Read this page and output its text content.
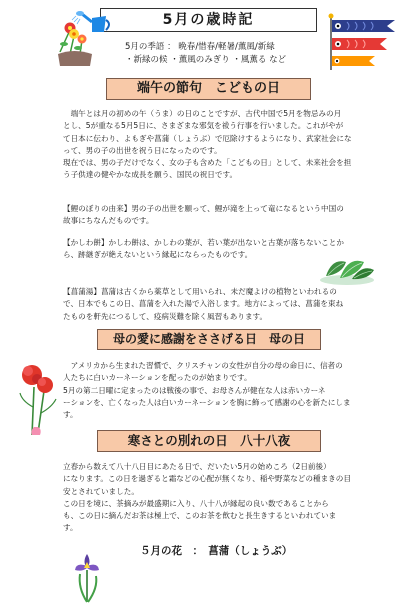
5月の歳時記
5月の季語 ： 晩春/惜春/軽暑/薫風/新緑
・新緑の候 ・薫風のみぎり ・風薫る など
端午の節句　こどもの日
　端午とは月の初めの午（うま）の日のことですが、古代中国で5月を物忌みの月
とし、5が重なる5月5日に、さまざまな邪気を祓う行事を行いました。これがやが
て日本に伝わり、よもぎや菖蒲（しょうぶ）で厄除けするようになり、武家社会にな
って、男の子の出世を祝う日になったのです。
現在では、男の子だけでなく、女の子も含めた「こどもの日」として、未来社会を担
う子供達の健やかな成長を願う、国民の祝日です。
【鯉のぼりの由来】男の子の出世を願って、鯉が滝を上って竜になるという中国の
故事にちなんだものです。
【かしわ餅】かしわ餅は、かしわの葉が、若い葉が出ないと古葉が落ちないことか
ら、跡継ぎが絶えないという縁起にならったものです。
【菖蒲湯】菖蒲は古くから薬草として用いられ、未だ魔よけの植物といわれるの
で、日本でもこの日、菖蒲を入れた湯で入浴します。地方によっては、菖蒲を束ね
たものを軒先につるして、疫病災難を除く風習もあります。
母の愛に感謝をささげる日　母の日
　アメリカから生まれた習慣で、クリスチャンの女性が自分の母の命日に、信者の
人たちに白いカーネーションを配ったのが始まりです。
5月の第二日曜に定まったのは戦後の事で、お母さんが健在な人は赤いカーネ
ーションを、亡くなった人は白いカーネーションを胸に飾って感謝の心を新たにしま
す。
寒さとの別れの日　八十八夜
立春から数えて八十八日目にあたる日で、だいたい5月の始めころ（2日前後）
になります。この日を過ぎると霜などの心配が無くなり、稲や野菜などの種まきの目
安とされていました。
この日を境に、茶摘みが最盛期に入り、八十八が縁起の良い数であることから
も、この日に摘んだお茶は極上で、このお茶を飲むと長生きするといわれていま
す。
５月の花　：　菖蒲（しょうぶ）
